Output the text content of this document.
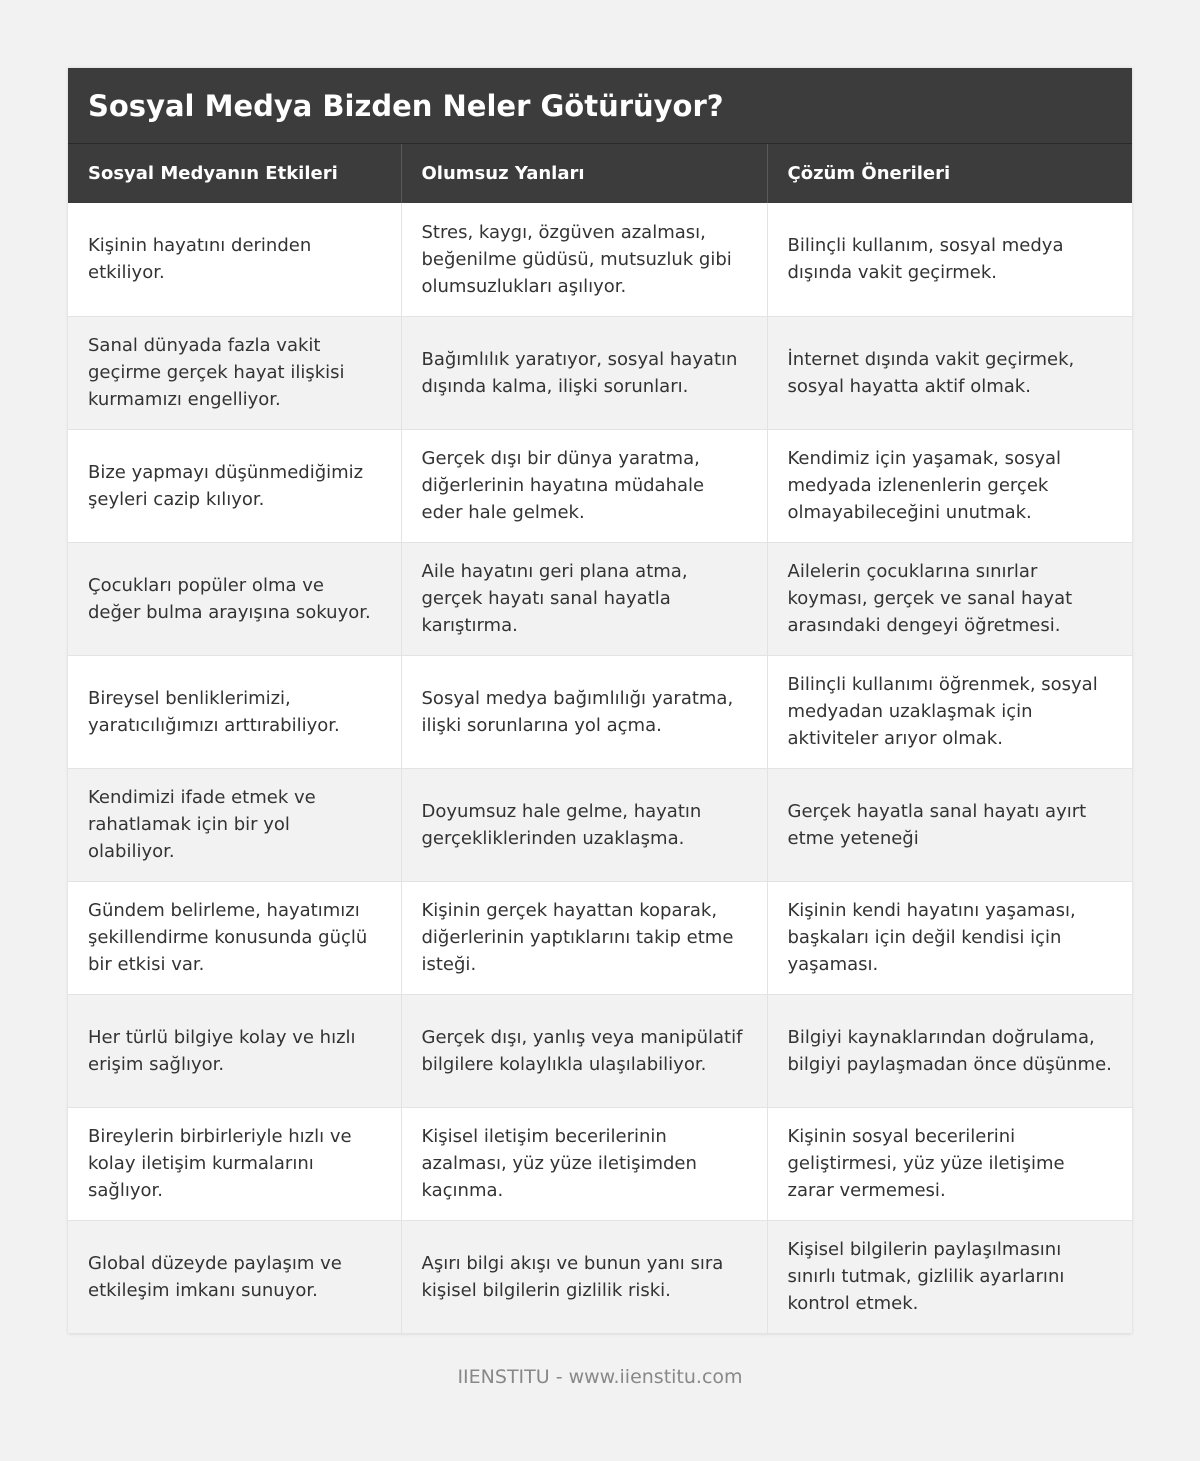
Sosyal Medya Bizden Neler Götürüyor?
Sosyal Medyanın Etkileri	Olumsuz Yanları	Çözüm Önerileri
Kişinin hayatını derinden etkiliyor.	Stres, kaygı, özgüven azalması, beğenilme güdüsü, mutsuzluk gibi olumsuzlukları aşılıyor.	Bilinçli kullanım, sosyal medya dışında vakit geçirmek.
Sanal dünyada fazla vakit geçirme gerçek hayat ilişkisi kurmamızı engelliyor.	Bağımlılık yaratıyor, sosyal hayatın dışında kalma, ilişki sorunları.	İnternet dışında vakit geçirmek, sosyal hayatta aktif olmak.
Bize yapmayı düşünmediğimiz şeyleri cazip kılıyor.	Gerçek dışı bir dünya yaratma, diğerlerinin hayatına müdahale eder hale gelmek.	Kendimiz için yaşamak, sosyal medyada izlenenlerin gerçek olmayabileceğini unutmak.
Çocukları popüler olma ve değer bulma arayışına sokuyor.	Aile hayatını geri plana atma, gerçek hayatı sanal hayatla karıştırma.	Ailelerin çocuklarına sınırlar koyması, gerçek ve sanal hayat arasındaki dengeyi öğretmesi.
Bireysel benliklerimizi, yaratıcılığımızı arttırabiliyor.	Sosyal medya bağımlılığı yaratma, ilişki sorunlarına yol açma.	Bilinçli kullanımı öğrenmek, sosyal medyadan uzaklaşmak için aktiviteler arıyor olmak.
Kendimizi ifade etmek ve rahatlamak için bir yol olabiliyor.	Doyumsuz hale gelme, hayatın gerçekliklerinden uzaklaşma.	Gerçek hayatla sanal hayatı ayırt etme yeteneği
Gündem belirleme, hayatımızı şekillendirme konusunda güçlü bir etkisi var.	Kişinin gerçek hayattan koparak, diğerlerinin yaptıklarını takip etme isteği.	Kişinin kendi hayatını yaşaması, başkaları için değil kendisi için yaşaması.
Her türlü bilgiye kolay ve hızlı erişim sağlıyor.	Gerçek dışı, yanlış veya manipülatif bilgilere kolaylıkla ulaşılabiliyor.	Bilgiyi kaynaklarından doğrulama, bilgiyi paylaşmadan önce düşünme.
Bireylerin birbirleriyle hızlı ve kolay iletişim kurmalarını sağlıyor.	Kişisel iletişim becerilerinin azalması, yüz yüze iletişimden kaçınma.	Kişinin sosyal becerilerini geliştirmesi, yüz yüze iletişime zarar vermemesi.
Global düzeyde paylaşım ve etkileşim imkanı sunuyor.	Aşırı bilgi akışı ve bunun yanı sıra kişisel bilgilerin gizlilik riski.	Kişisel bilgilerin paylaşılmasını sınırlı tutmak, gizlilik ayarlarını kontrol etmek.
IIENSTITU - www.iienstitu.com
